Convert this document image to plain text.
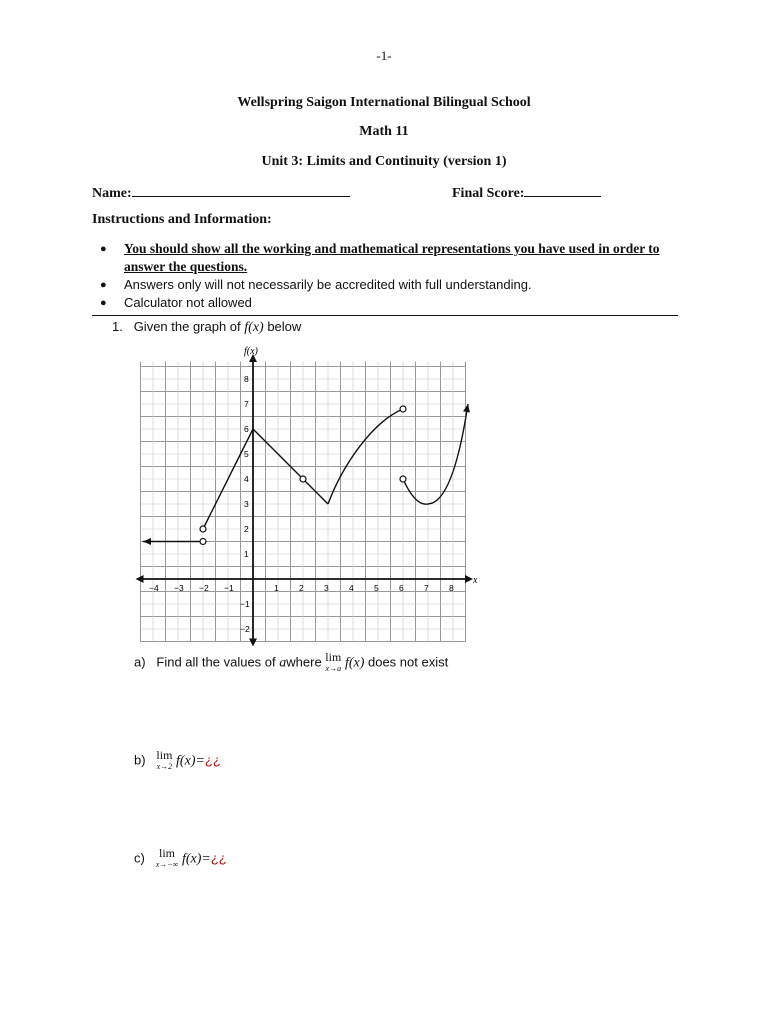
-1-
Wellspring Saigon International Bilingual School
Math 11
Unit 3: Limits and Continuity (version 1)
Name:	Final Score:
Instructions and Information:
● You should show all the working and mathematical representations you have used in order to answer the questions.
● Answers only will not necessarily be accredited with full understanding.
● Calculator not allowed
1. Given the graph of f(x) below
f(x)
x
−4 −3 −2 −1	1 2 3 4 5 6 7 8
8
7
6
5
4
3
2
1
−1
−2
a) Find all the values of awhere lim
x→a f(x) does not exist
b) lim
x→2 f(x)=¿¿
c) lim
x→−∞ f(x)=¿¿
